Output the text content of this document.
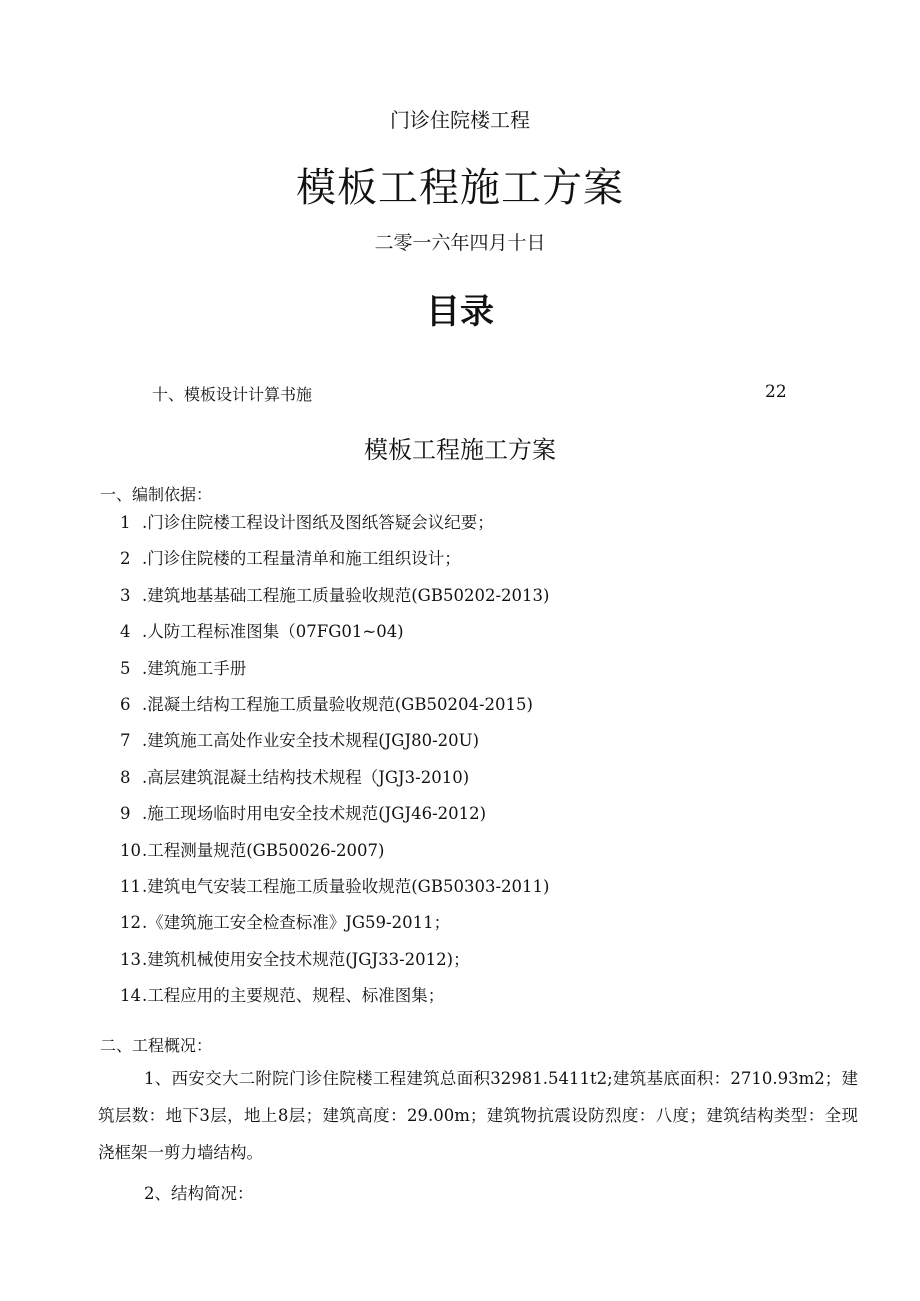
门诊住院楼工程
模板工程施工方案
二零一六年四月十日
目录
十、模板设计计算书施	22
模板工程施工方案
一、编制依据：
1 .门诊住院楼工程设计图纸及图纸答疑会议纪要；
2 .门诊住院楼的工程量清单和施工组织设计；
3 .建筑地基基础工程施工质量验收规范(GB50202-2013)
4 .人防工程标准图集（07FG01~04)
5 .建筑施工手册
6 .混凝土结构工程施工质量验收规范(GB50204-2015)
7 .建筑施工高处作业安全技术规程(JGJ80-20U)
8 .高层建筑混凝土结构技术规程（JGJ3-2010)
9 .施工现场临时用电安全技术规范(JGJ46-2012)
10.工程测量规范(GB50026-2007)
11.建筑电气安装工程施工质量验收规范(GB50303-2011)
12.《建筑施工安全检查标准》JG59-2011；
13.建筑机械使用安全技术规范(JGJ33-2012)；
14.工程应用的主要规范、规程、标准图集；
二、工程概况：

1、西安交大二附院门诊住院楼工程建筑总面积32981.5411t2;建筑基底面积：2710.93m2；建筑层数：地下3层，地上8层；建筑高度：29.00m；建筑物抗震设防烈度：八度；建筑结构类型：全现浇框架一剪力墙结构。

2、结构简况：
